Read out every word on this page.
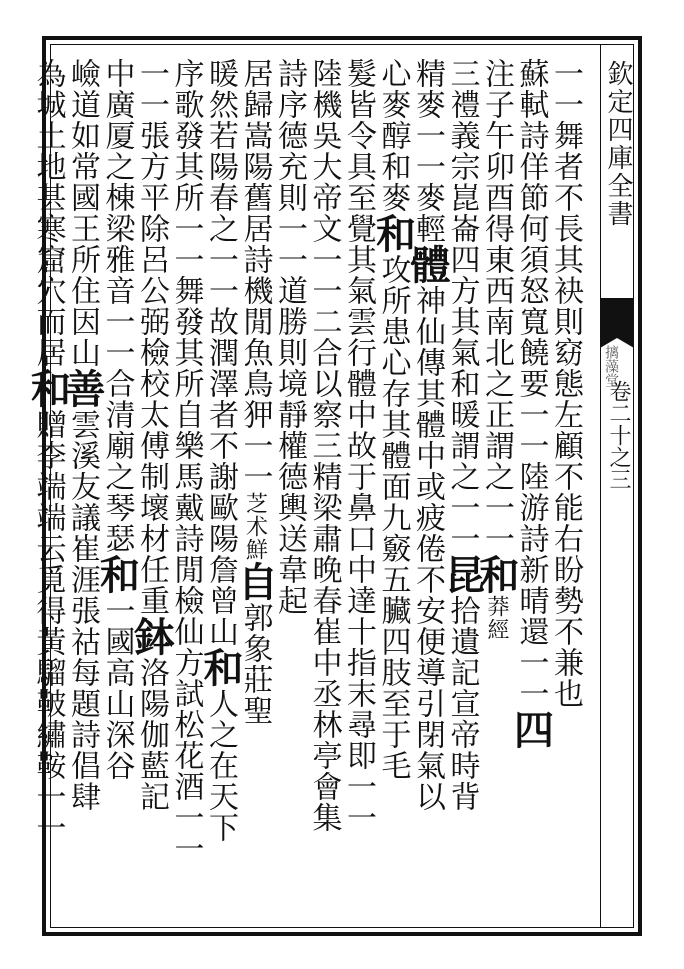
欽定四庫全書
摛藻堂
卷二十之三
一一舞者不長其袂則窈態左顧不能右盼勢不兼也
蘇軾詩佯節何須怒寬饒要一一陸游詩新晴還一一四
注子午卯酉得東西南北之正謂之一一和莽經
三禮義宗崑崙四方其氣和暖謂之一一昆拾遺記宣帝時背
精麥一一麥輕體神仙傳其體中或疲倦不安便導引閉氣以
心麥醇和麥和攻所患心存其體面九竅五臟四肢至于毛
髮皆令具至覺其氣雲行體中故于鼻口中達十指末尋即一一
陸機吳大帝文一一二合以察三精梁肅晚春崔中丞林亭會集
詩序德充則一一道勝則境靜權德輿送韋起
居歸嵩陽舊居詩機閒魚鳥狎一一芝术鮮自郭象莊聖
暖然若陽春之一一故潤澤者不謝歐陽詹曾山和人之在天下
序歌發其所一一舞發其所自樂馬戴詩閒檢仙方試松花酒一一
一一張方平除呂公弼檢校太傅制壞材任重鉢洛陽伽藍記
中廣厦之棟梁雅音一一合清廟之琴瑟和一國高山深谷
嶮道如常國王所住因山善雲溪友議崔涯張祜每題詩倡肆
為城土地甚寒窟穴而居和贈李端端云覓得黃騮鞁繡鞍一一
